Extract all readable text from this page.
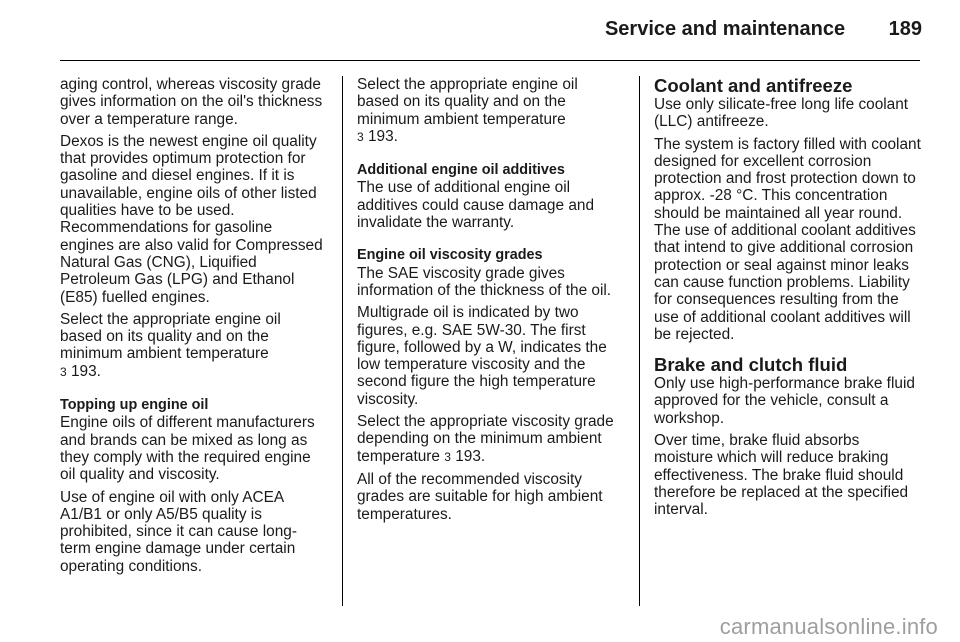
Service and maintenance 189

aging control, whereas viscosity grade gives information on the oil's thickness over a temperature range.

Dexos is the newest engine oil quality that provides optimum protection for gasoline and diesel engines. If it is unavailable, engine oils of other listed qualities have to be used. Recommendations for gasoline engines are also valid for Compressed Natural Gas (CNG), Liquified Petroleum Gas (LPG) and Ethanol (E85) fuelled engines.

Select the appropriate engine oil based on its quality and on the minimum ambient temperature
3 193.

Topping up engine oil

Engine oils of different manufacturers and brands can be mixed as long as they comply with the required engine oil quality and viscosity.

Use of engine oil with only ACEA A1/B1 or only A5/B5 quality is prohibited, since it can cause long-term engine damage under certain operating conditions.

Select the appropriate engine oil based on its quality and on the minimum ambient temperature
3 193.

Additional engine oil additives

The use of additional engine oil additives could cause damage and invalidate the warranty.

Engine oil viscosity grades

The SAE viscosity grade gives information of the thickness of the oil.

Multigrade oil is indicated by two figures, e.g. SAE 5W-30. The first figure, followed by a W, indicates the low temperature viscosity and the second figure the high temperature viscosity.

Select the appropriate viscosity grade depending on the minimum ambient temperature 3 193.

All of the recommended viscosity grades are suitable for high ambient temperatures.

Coolant and antifreeze

Use only silicate-free long life coolant (LLC) antifreeze.

The system is factory filled with coolant designed for excellent corrosion protection and frost protection down to approx. -28 °C. This concentration should be maintained all year round. The use of additional coolant additives that intend to give additional corrosion protection or seal against minor leaks can cause function problems. Liability for consequences resulting from the use of additional coolant additives will be rejected.

Brake and clutch fluid

Only use high-performance brake fluid approved for the vehicle, consult a workshop.

Over time, brake fluid absorbs moisture which will reduce braking effectiveness. The brake fluid should therefore be replaced at the specified interval.

carmanualsonline.info
